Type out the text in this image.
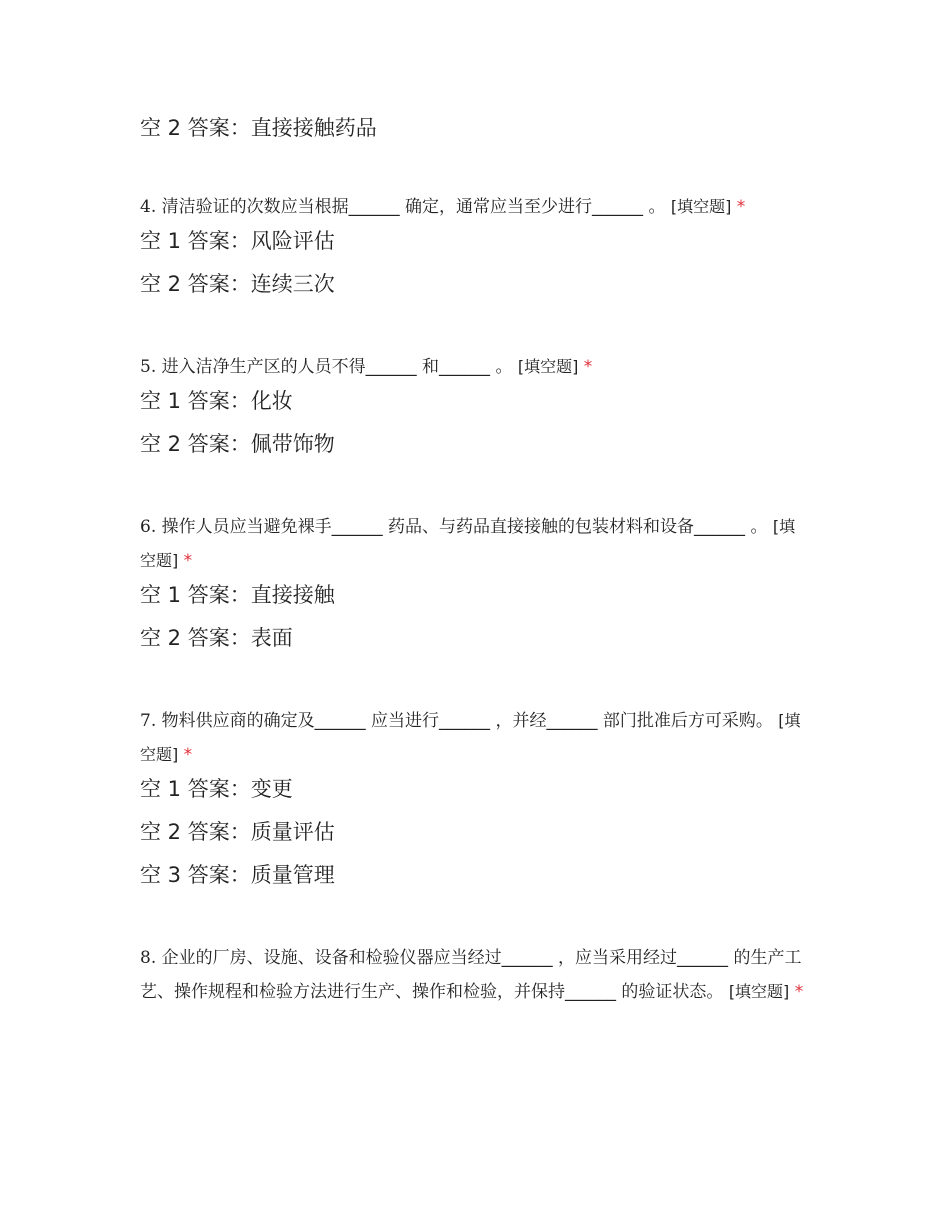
空 2 答案：直接接触药品

4. 清洁验证的次数应当根据______ 确定，通常应当至少进行______ 。 [填空题] *

空 1 答案：风险评估

空 2 答案：连续三次

5. 进入洁净生产区的人员不得______ 和______ 。 [填空题] *

空 1 答案：化妆

空 2 答案：佩带饰物

6. 操作人员应当避免裸手______ 药品、与药品直接接触的包装材料和设备______ 。 [填空题] *

空 1 答案：直接接触

空 2 答案：表面

7. 物料供应商的确定及______ 应当进行______ ，并经______ 部门批准后方可采购。 [填空题] *

空 1 答案：变更

空 2 答案：质量评估

空 3 答案：质量管理

8. 企业的厂房、设施、设备和检验仪器应当经过______ ，应当采用经过______ 的生产工艺、操作规程和检验方法进行生产、操作和检验，并保持______ 的验证状态。 [填空题] *
